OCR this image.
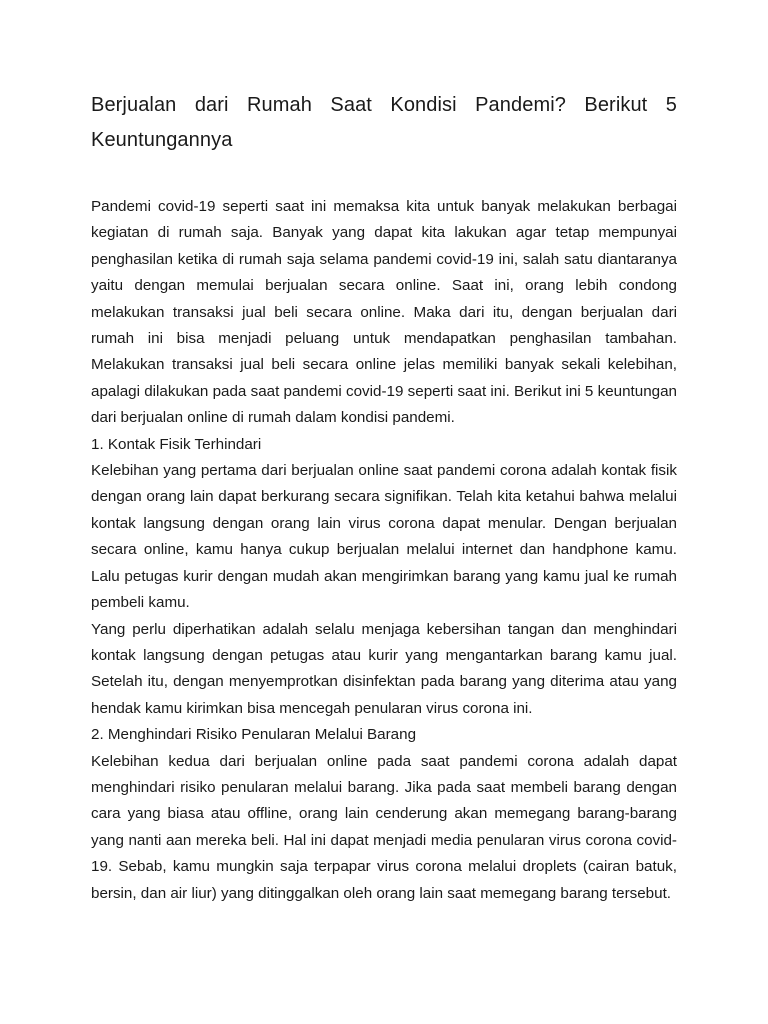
Berjualan dari Rumah Saat Kondisi Pandemi? Berikut 5 Keuntungannya

Pandemi covid-19 seperti saat ini memaksa kita untuk banyak melakukan berbagai kegiatan di rumah saja. Banyak yang dapat kita lakukan agar tetap mempunyai penghasilan ketika di rumah saja selama pandemi covid-19 ini, salah satu diantaranya yaitu dengan memulai berjualan secara online. Saat ini, orang lebih condong melakukan transaksi jual beli secara online. Maka dari itu, dengan berjualan dari rumah ini bisa menjadi peluang untuk mendapatkan penghasilan tambahan. Melakukan transaksi jual beli secara online jelas memiliki banyak sekali kelebihan, apalagi dilakukan pada saat pandemi covid-19 seperti saat ini. Berikut ini 5 keuntungan dari berjualan online di rumah dalam kondisi pandemi.

1. Kontak Fisik Terhindari

Kelebihan yang pertama dari berjualan online saat pandemi corona adalah kontak fisik dengan orang lain dapat berkurang secara signifikan. Telah kita ketahui bahwa melalui kontak langsung dengan orang lain virus corona dapat menular. Dengan berjualan secara online, kamu hanya cukup berjualan melalui internet dan handphone kamu. Lalu petugas kurir dengan mudah akan mengirimkan barang yang kamu jual ke rumah pembeli kamu.

Yang perlu diperhatikan adalah selalu menjaga kebersihan tangan dan menghindari kontak langsung dengan petugas atau kurir yang mengantarkan barang kamu jual. Setelah itu, dengan menyemprotkan disinfektan pada barang yang diterima atau yang hendak kamu kirimkan bisa mencegah penularan virus corona ini.

2. Menghindari Risiko Penularan Melalui Barang

Kelebihan kedua dari berjualan online pada saat pandemi corona adalah dapat menghindari risiko penularan melalui barang. Jika pada saat membeli barang dengan cara yang biasa atau offline, orang lain cenderung akan memegang barang-barang yang nanti aan mereka beli. Hal ini dapat menjadi media penularan virus corona covid-19. Sebab, kamu mungkin saja terpapar virus corona melalui droplets (cairan batuk, bersin, dan air liur) yang ditinggalkan oleh orang lain saat memegang barang tersebut.
